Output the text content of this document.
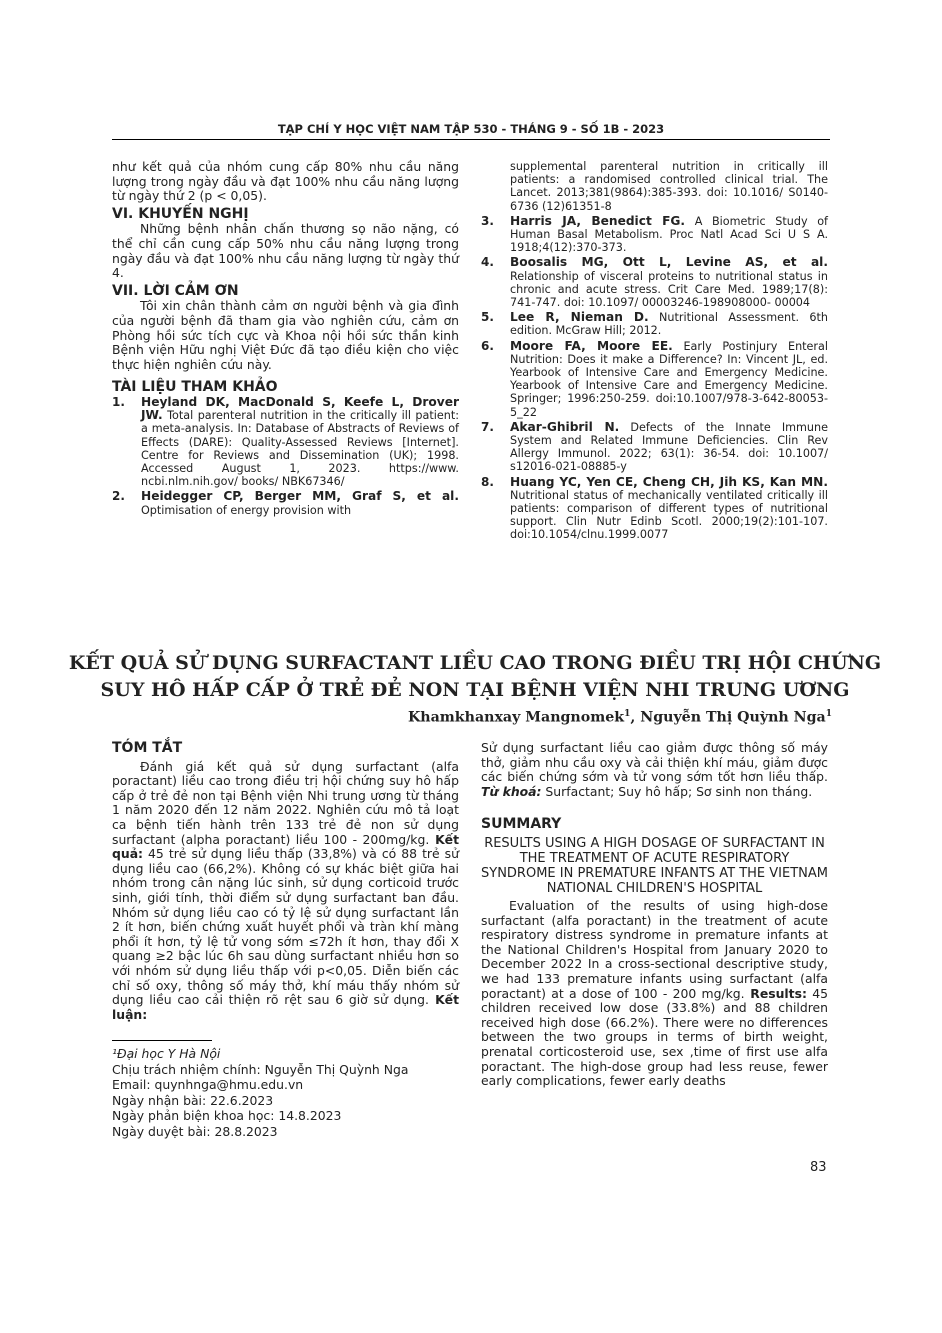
TẠP CHÍ Y HỌC VIỆT NAM TẬP 530 - THÁNG 9 - SỐ 1B - 2023

như kết quả của nhóm cung cấp 80% nhu cầu năng lượng trong ngày đầu và đạt 100% nhu cầu năng lượng từ ngày thứ 2 (p < 0,05).

VI. KHUYẾN NGHỊ

Những bệnh nhân chấn thương sọ não nặng, có thể chỉ cần cung cấp 50% nhu cầu năng lượng trong ngày đầu và đạt 100% nhu cầu năng lượng từ ngày thứ 4.

VII. LỜI CẢM ƠN

Tôi xin chân thành cảm ơn người bệnh và gia đình của người bệnh đã tham gia vào nghiên cứu, cảm ơn Phòng hồi sức tích cực và Khoa nội hồi sức thần kinh Bệnh viện Hữu nghị Việt Đức đã tạo điều kiện cho việc thực hiện nghiên cứu này.

TÀI LIỆU THAM KHẢO
1.	Heyland DK, MacDonald S, Keefe L, Drover JW. Total parenteral nutrition in the critically ill patient: a meta-analysis. In: Database of Abstracts of Reviews of Effects (DARE): Quality-Assessed Reviews [Internet]. Centre for Reviews and Dissemination (UK); 1998. Accessed August 1, 2023. https://www. ncbi.nlm.nih.gov/ books/ NBK67346/
2.	Heidegger CP, Berger MM, Graf S, et al. Optimisation of energy provision with
supplemental parenteral nutrition in critically ill patients: a randomised controlled clinical trial. The Lancet. 2013;381(9864):385-393. doi: 10.1016/ S0140-6736 (12)61351-8
3.	Harris JA, Benedict FG. A Biometric Study of Human Basal Metabolism. Proc Natl Acad Sci U S A. 1918;4(12):370-373.
4.	Boosalis MG, Ott L, Levine AS, et al. Relationship of visceral proteins to nutritional status in chronic and acute stress. Crit Care Med. 1989;17(8): 741-747. doi: 10.1097/ 00003246-198908000- 00004
5.	Lee R, Nieman D. Nutritional Assessment. 6th edition. McGraw Hill; 2012.
6.	Moore FA, Moore EE. Early Postinjury Enteral Nutrition: Does it make a Difference? In: Vincent JL, ed. Yearbook of Intensive Care and Emergency Medicine. Yearbook of Intensive Care and Emergency Medicine. Springer; 1996:250-259. doi:10.1007/978-3-642-80053-5_22
7.	Akar-Ghibril N. Defects of the Innate Immune System and Related Immune Deficiencies. Clin Rev Allergy Immunol. 2022; 63(1): 36-54. doi: 10.1007/ s12016-021-08885-y
8.	Huang YC, Yen CE, Cheng CH, Jih KS, Kan MN. Nutritional status of mechanically ventilated critically ill patients: comparison of different types of nutritional support. Clin Nutr Edinb Scotl. 2000;19(2):101-107. doi:10.1054/clnu.1999.0077
KẾT QUẢ SỬ DỤNG SURFACTANT LIỀU CAO TRONG ĐIỀU TRỊ HỘI CHỨNG
SUY HÔ HẤP CẤP Ở TRẺ ĐẺ NON TẠI BỆNH VIỆN NHI TRUNG ƯƠNG
Khamkhanxay Mangnomek$^1$, Nguyễn Thị Quỳnh Nga$^1$
TÓM TẮT

Đánh giá kết quả sử dụng surfactant (alfa poractant) liều cao trong điều trị hội chứng suy hô hấp cấp ở trẻ đẻ non tại Bệnh viện Nhi trung ương từ tháng 1 năm 2020 đến 12 năm 2022. Nghiên cứu mô tả loạt ca bệnh tiến hành trên 133 trẻ đẻ non sử dụng surfactant (alpha poractant) liều 100 - 200mg/kg. Kết quả: 45 trẻ sử dụng liều thấp (33,8%) và có 88 trẻ sử dụng liều cao (66,2%). Không có sự khác biệt giữa hai nhóm trong cân nặng lúc sinh, sử dụng corticoid trước sinh, giới tính, thời điểm sử dụng surfactant ban đầu. Nhóm sử dụng liều cao có tỷ lệ sử dụng surfactant lần 2 ít hơn, biến chứng xuất huyết phổi và tràn khí màng phổi ít hơn, tỷ lệ tử vong sớm ≤72h ít hơn, thay đổi X quang ≥2 bậc lúc 6h sau dùng surfactant nhiều hơn so với nhóm sử dụng liều thấp với p<0,05. Diễn biến các chỉ số oxy, thông số máy thở, khí máu thấy nhóm sử dụng liều cao cải thiện rõ rệt sau 6 giờ sử dụng. Kết luận:

Sử dụng surfactant liều cao giảm được thông số máy thở, giảm nhu cầu oxy và cải thiện khí máu, giảm được các biến chứng sớm và tử vong sớm tốt hơn liều thấp. Từ khoá: Surfactant; Suy hô hấp; Sơ sinh non tháng.

SUMMARY
RESULTS USING A HIGH DOSAGE OF SURFACTANT IN THE TREATMENT OF ACUTE RESPIRATORY SYNDROME IN PREMATURE INFANTS AT THE VIETNAM NATIONAL CHILDREN'S HOSPITAL

Evaluation of the results of using high-dose surfactant (alfa poractant) in the treatment of acute respiratory distress syndrome in premature infants at the National Children's Hospital from January 2020 to December 2022 In a cross-sectional descriptive study, we had 133 premature infants using surfactant (alfa poractant) at a dose of 100 - 200 mg/kg. Results: 45 children received low dose (33.8%) and 88 children received high dose (66.2%). There were no differences between the two groups in terms of birth weight, prenatal corticosteroid use, sex ,time of first use alfa poractant. The high-dose group had less reuse, fewer early complications, fewer early deaths

¹Đại học Y Hà Nội
Chịu trách nhiệm chính: Nguyễn Thị Quỳnh Nga
Email: quynhnga@hmu.edu.vn
Ngày nhận bài: 22.6.2023
Ngày phản biện khoa học: 14.8.2023
Ngày duyệt bài: 28.8.2023
83
